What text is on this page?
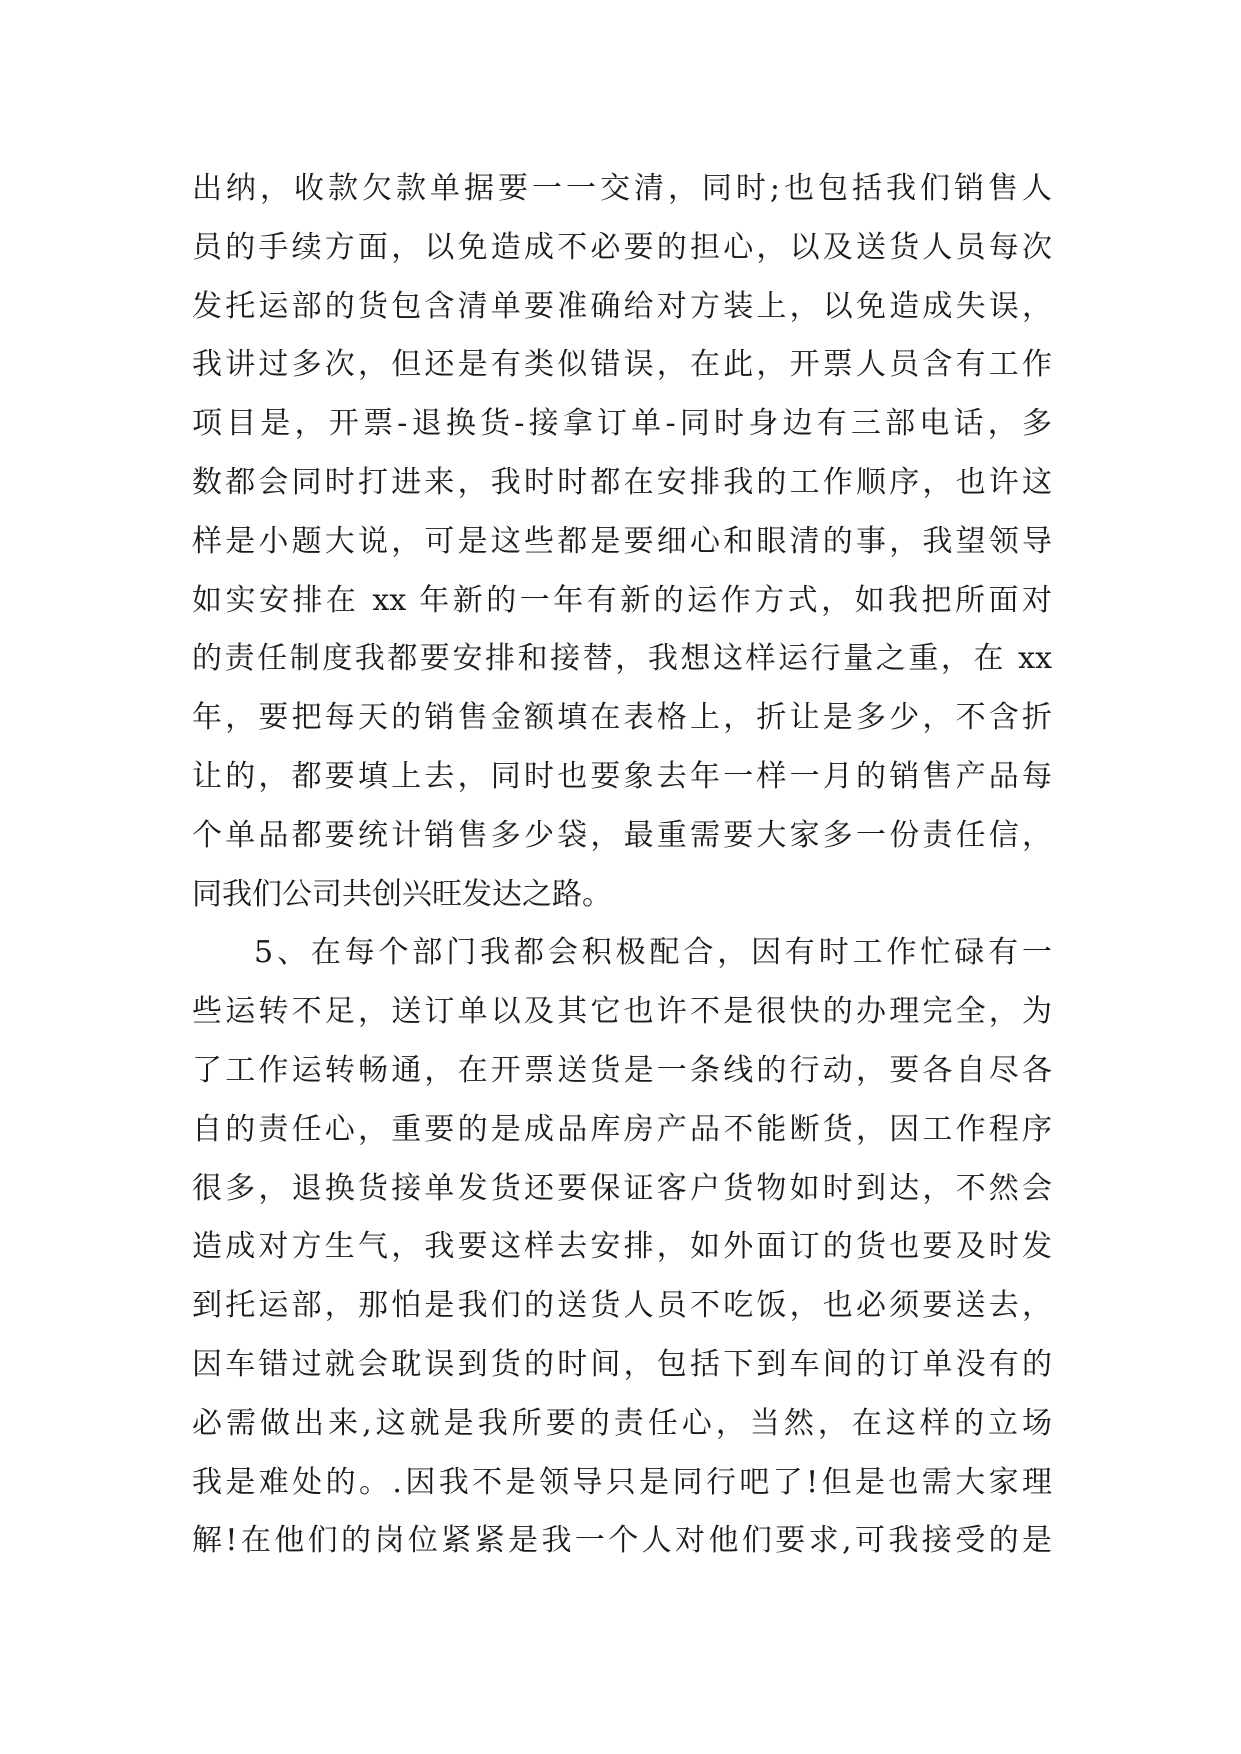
出纳，收款欠款单据要一一交清，同时;也包括我们销售人
员的手续方面，以免造成不必要的担心，以及送货人员每次
发托运部的货包含清单要准确给对方装上，以免造成失误，
我讲过多次，但还是有类似错误，在此，开票人员含有工作
项目是，开票-退换货-接拿订单-同时身边有三部电话，多
数都会同时打进来，我时时都在安排我的工作顺序，也许这
样是小题大说，可是这些都是要细心和眼清的事，我望领导
如实安排在 xx 年新的一年有新的运作方式，如我把所面对
的责任制度我都要安排和接替，我想这样运行量之重，在 xx
年，要把每天的销售金额填在表格上，折让是多少，不含折
让的，都要填上去，同时也要象去年一样一月的销售产品每
个单品都要统计销售多少袋，最重需要大家多一份责任信，
同我们公司共创兴旺发达之路。
5、在每个部门我都会积极配合，因有时工作忙碌有一
些运转不足，送订单以及其它也许不是很快的办理完全，为
了工作运转畅通，在开票送货是一条线的行动，要各自尽各
自的责任心，重要的是成品库房产品不能断货，因工作程序
很多，退换货接单发货还要保证客户货物如时到达，不然会
造成对方生气，我要这样去安排，如外面订的货也要及时发
到托运部，那怕是我们的送货人员不吃饭，也必须要送去，
因车错过就会耽误到货的时间，包括下到车间的订单没有的
必需做出来,这就是我所要的责任心，当然，在这样的立场
我是难处的。.因我不是领导只是同行吧了!但是也需大家理
解!在他们的岗位紧紧是我一个人对他们要求,可我接受的是
